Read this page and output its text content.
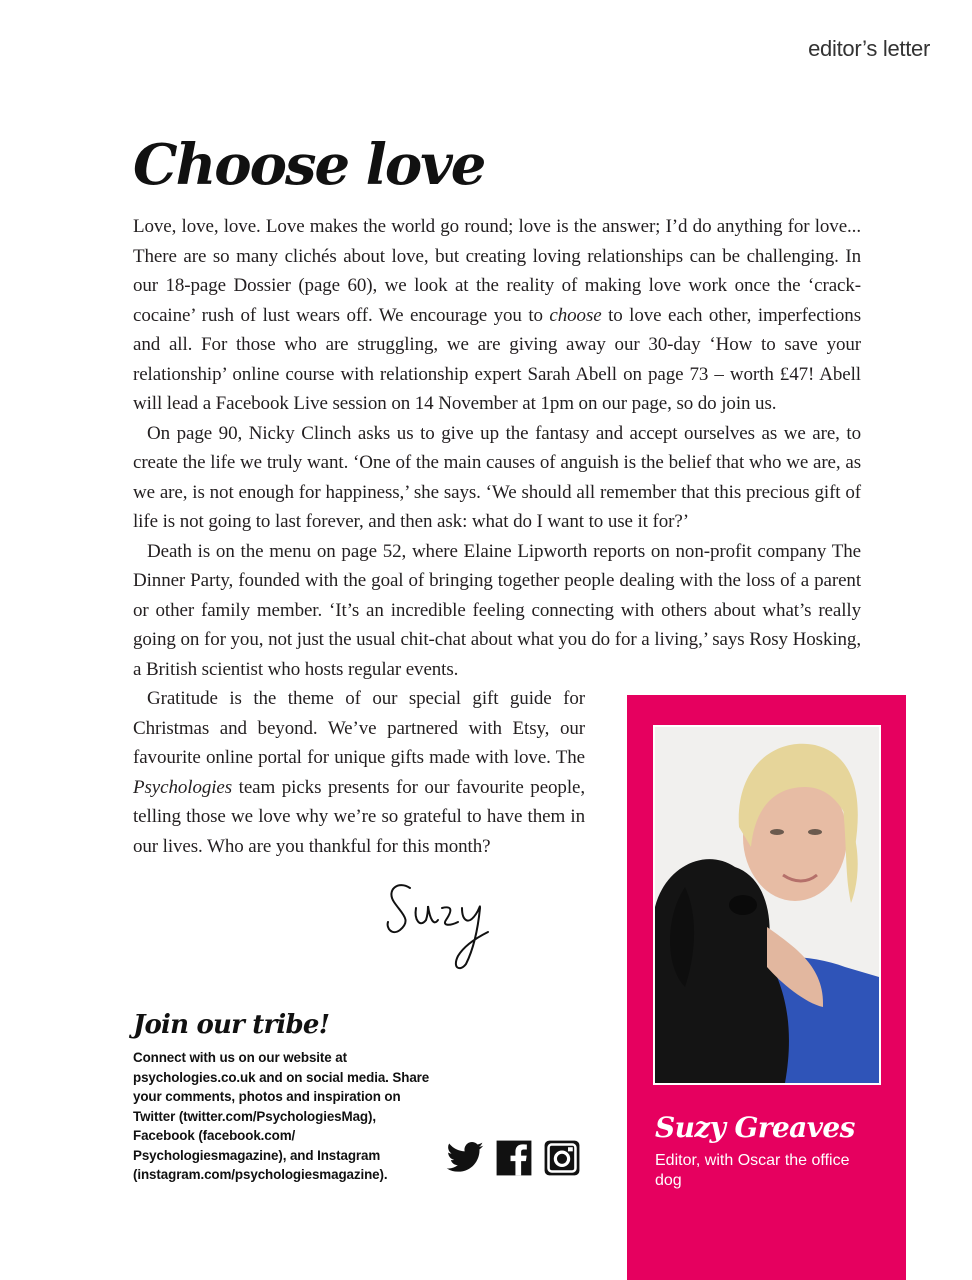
editor’s letter
Choose love

Love, love, love. Love makes the world go round; love is the answer; I’d do anything for love... There are so many clichés about love, but creating loving relationships can be challenging. In our 18-page Dossier (page 60), we look at the reality of making love work once the ‘crack-cocaine’ rush of lust wears off. We encourage you to choose to love each other, imperfections and all. For those who are struggling, we are giving away our 30-day ‘How to save your relationship’ online course with relationship expert Sarah Abell on page 73 – worth £47! Abell will lead a Facebook Live session on 14 November at 1pm on our page, so do join us.

On page 90, Nicky Clinch asks us to give up the fantasy and accept ourselves as we are, to create the life we truly want. ‘One of the main causes of anguish is the belief that who we are, as we are, is not enough for happiness,’ she says. ‘We should all remember that this precious gift of life is not going to last forever, and then ask: what do I want to use it for?’

Death is on the menu on page 52, where Elaine Lipworth reports on non-profit company The Dinner Party, founded with the goal of bringing together people dealing with the loss of a parent or other family member. ‘It’s an incredible feeling connecting with others about what’s really going on for you, not just the usual chit-chat about what you do for a living,’ says Rosy Hosking, a British scientist who hosts regular events.

Gratitude is the theme of our special gift guide for Christmas and beyond. We’ve partnered with Etsy, our favourite online portal for unique gifts made with love. The Psychologies team picks presents for our favourite people, telling those we love why we’re so grateful to have them in our lives. Who are you thankful for this month?

Join our tribe!
Connect with us on our website at psychologies.co.uk and on social media. Share your comments, photos and inspiration on Twitter (twitter.com/PsychologiesMag), Facebook (facebook.com/ Psychologiesmagazine), and Instagram (instagram.com/psychologiesmagazine).
Suzy Greaves
Editor, with Oscar the office dog
